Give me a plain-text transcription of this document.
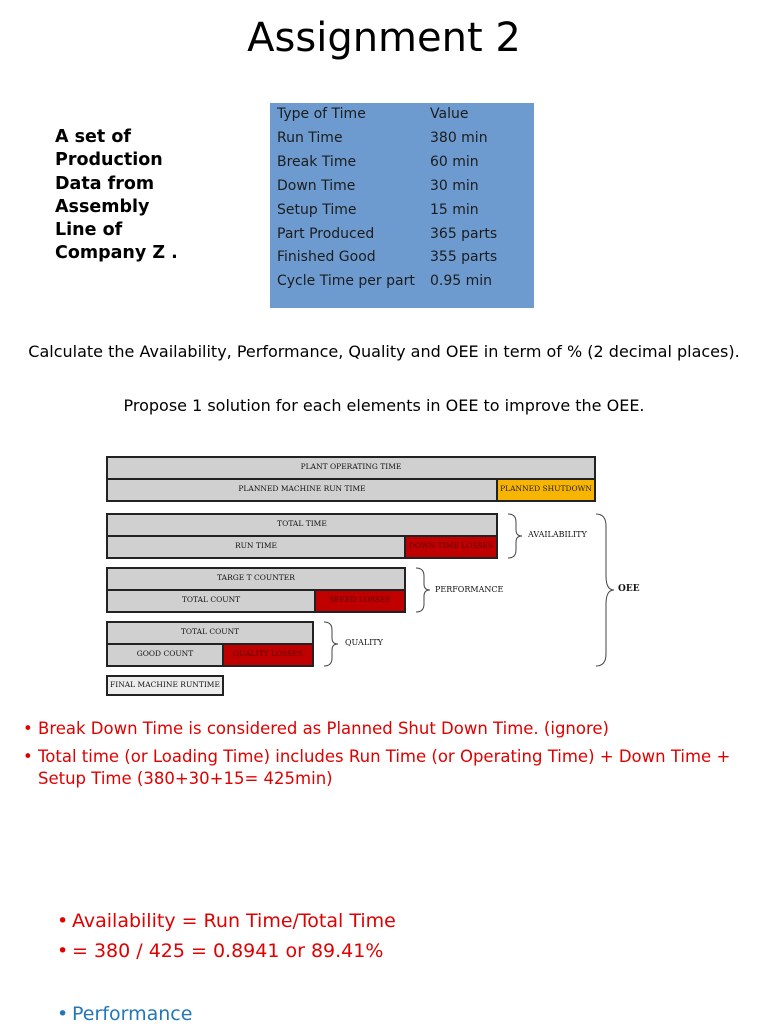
Assignment 2
A set of
Production
Data from
Assembly
Line of
Company Z .
Type of Time	Value
Run Time	380 min
Break Time	60 min
Down Time	30 min
Setup Time	15 min
Part Produced	365 parts
Finished Good	355 parts
Cycle Time per part	0.95 min
Calculate the Availability, Performance, Quality and OEE in term of % (2 decimal places).
Propose 1 solution for each elements in OEE to improve the OEE.
PLANT OPERATING TIME
PLANNED MACHINE RUN TIME	PLANNED SHUTDOWN
TOTAL TIME
RUN TIME	DOWN TIME LOSSES
TARGE T COUNTER
TOTAL COUNT	SPEED LOSSES
TOTAL COUNT
GOOD COUNT	QUALITY LOSSES
FINAL MACHINE RUNTIME
AVAILABILITY
PERFORMANCE
QUALITY
OEE
• Break Down Time is considered as Planned Shut Down Time. (ignore)
• Total time (or Loading Time) includes Run Time (or Operating Time) + Down Time + Setup Time (380+30+15= 425min)
• Availability = Run Time/Total Time
• = 380 / 425 = 0.8941 or 89.41%
• Performance
